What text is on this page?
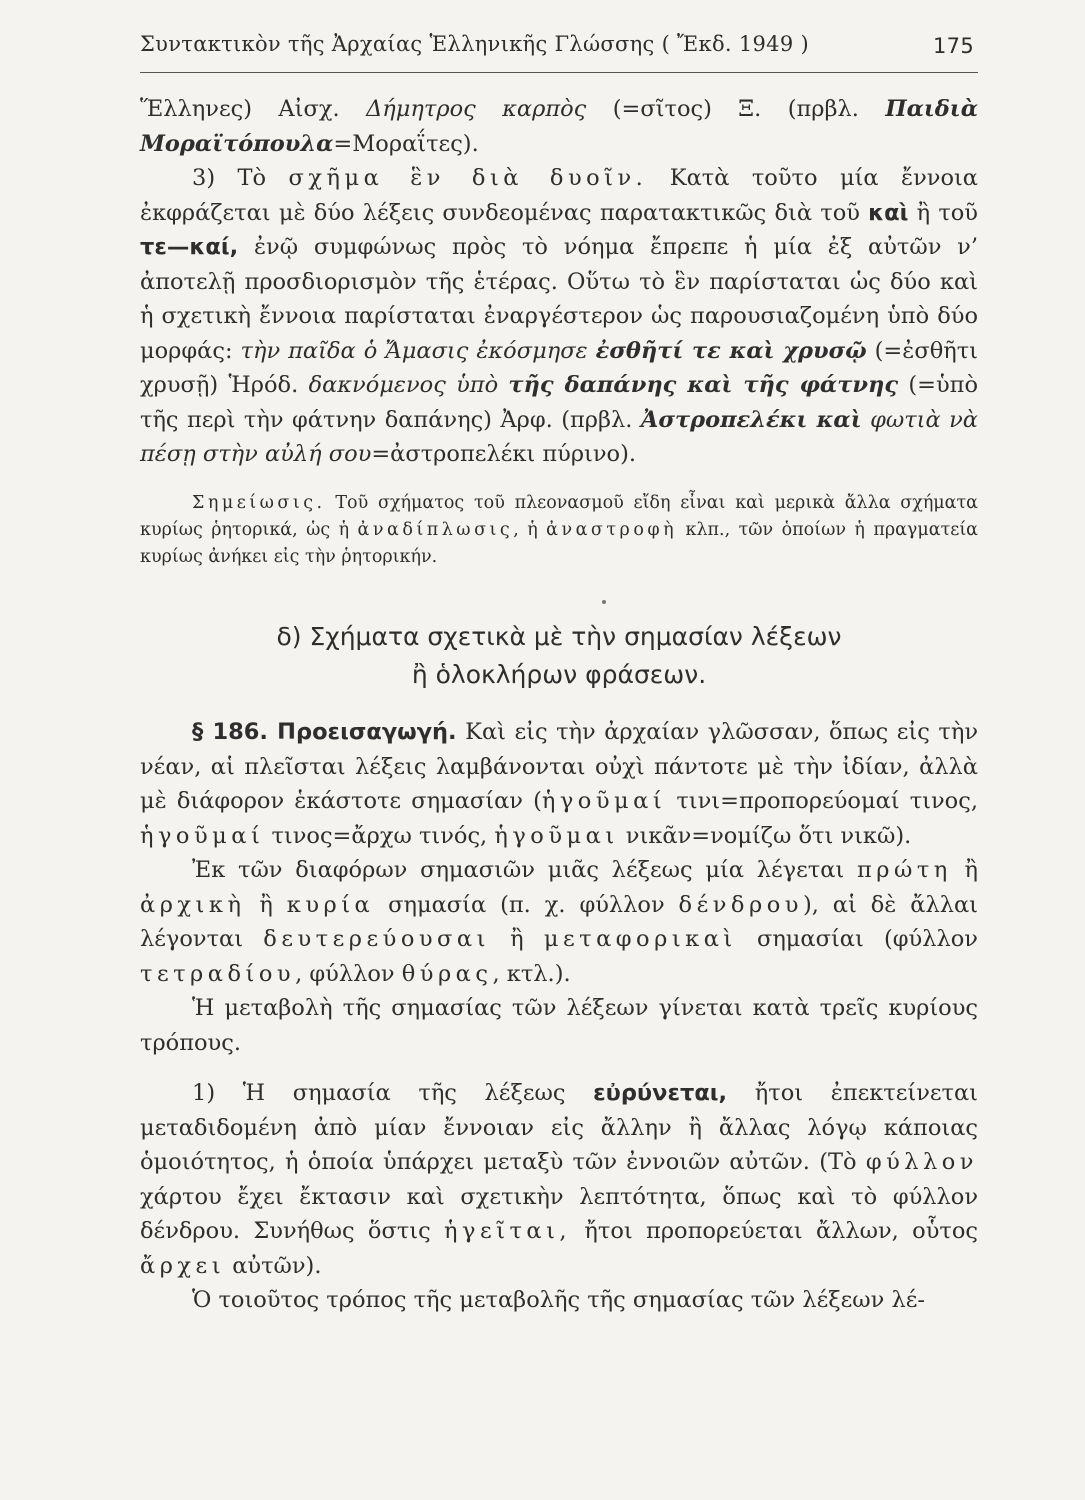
Συντακτικὸν τῆς Ἀρχαίας Ἑλληνικῆς Γλώσσης ( Ἔκδ. 1949 )	175

Ἕλληνες) Αἰσχ. Δήμητρος καρπὸς (=σῖτος) Ξ. (πρβλ. Παιδιὰ Μοραϊτόπουλα=Μοραΐτες).

3) Τὸ σχῆμα ἓν διὰ δυοῖν. Κατὰ τοῦτο μία ἔννοια ἐκφράζεται μὲ δύο λέξεις συνδεομένας παρατακτικῶς διὰ τοῦ καὶ ἢ τοῦ τε—καί, ἐνῷ συμφώνως πρὸς τὸ νόημα ἔπρεπε ἡ μία ἐξ αὐτῶν ν’ ἀποτελῇ προσδιορισμὸν τῆς ἑτέρας. Οὕτω τὸ ἓν παρίσταται ὡς δύο καὶ ἡ σχετικὴ ἔννοια παρίσταται ἐναργέστερον ὡς παρουσιαζομένη ὑπὸ δύο μορφάς: τὴν παῖδα ὁ Ἄμασις ἐκόσμησε ἐσθῆτί τε καὶ χρυσῷ (=ἐσθῆτι χρυσῇ) Ἡρόδ. δακνόμενος ὑπὸ τῆς δαπάνης καὶ τῆς φάτνης (=ὑπὸ τῆς περὶ τὴν φάτνην δαπάνης) Ἀρφ. (πρβλ. Ἀστροπελέκι καὶ φωτιὰ νὰ πέσῃ στὴν αὐλή σου=ἀστροπελέκι πύρινο).

Σημείωσις. Τοῦ σχήματος τοῦ πλεονασμοῦ εἴδη εἶναι καὶ μερικὰ ἄλλα σχήματα κυρίως ῥητορικά, ὡς ἡ ἀναδίπλωσις, ἡ ἀναστροφὴ κλπ., τῶν ὁποίων ἡ πραγματεία κυρίως ἀνήκει εἰς τὴν ῥητορικήν.

δ) Σχήματα σχετικὰ μὲ τὴν σημασίαν λέξεων
ἢ ὁλοκλήρων φράσεων.

§ 186. Προεισαγωγή. Καὶ εἰς τὴν ἀρχαίαν γλῶσσαν, ὅπως εἰς τὴν νέαν, αἱ πλεῖσται λέξεις λαμβάνονται οὐχὶ πάντοτε μὲ τὴν ἰδίαν, ἀλλὰ μὲ διάφορον ἑκάστοτε σημασίαν (ἡγοῦμαί τινι=προπορεύομαί τινος, ἡγοῦμαί τινος=ἄρχω τινός, ἡγοῦμαι νικᾶν=νομίζω ὅτι νικῶ).

Ἐκ τῶν διαφόρων σημασιῶν μιᾶς λέξεως μία λέγεται πρώτη ἢ ἀρχικὴ ἢ κυρία σημασία (π. χ. φύλλον δένδρου), αἱ δὲ ἄλλαι λέγονται δευτερεύουσαι ἢ μεταφορικαὶ σημασίαι (φύλλον τετραδίου, φύλλον θύρας, κτλ.).

Ἡ μεταβολὴ τῆς σημασίας τῶν λέξεων γίνεται κατὰ τρεῖς κυρίους τρόπους.

1) Ἡ σημασία τῆς λέξεως εὐρύνεται, ἤτοι ἐπεκτείνεται μεταδιδομένη ἀπὸ μίαν ἔννοιαν εἰς ἄλλην ἢ ἄλλας λόγῳ κάποιας ὁμοιότητος, ἡ ὁποία ὑπάρχει μεταξὺ τῶν ἐννοιῶν αὐτῶν. (Τὸ φύλλον χάρτου ἔχει ἔκτασιν καὶ σχετικὴν λεπτότητα, ὅπως καὶ τὸ φύλλον δένδρου. Συνήθως ὅστις ἡγεῖται, ἤτοι προπορεύεται ἄλλων, οὗτος ἄρχει αὐτῶν).

Ὁ τοιοῦτος τρόπος τῆς μεταβολῆς τῆς σημασίας τῶν λέξεων λέ-
